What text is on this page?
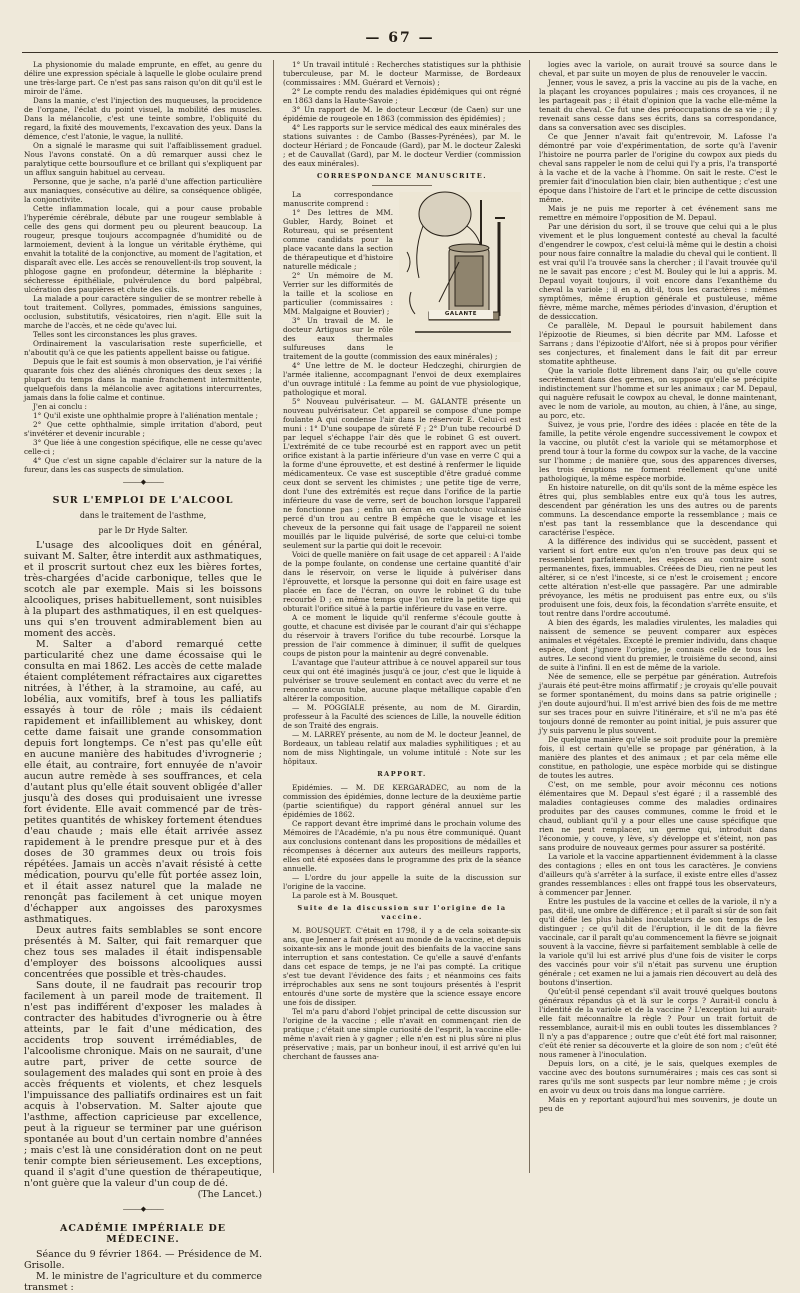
— 67 —

La physionomie du malade emprunte, en effet, au genre du délire une expression spéciale à laquelle le globe oculaire prend une très-large part. Ce n'est pas sans raison qu'on dit qu'il est le miroir de l'âme.

Dans la manie, c'est l'injection des muqueuses, la procidence de l'organe, l'éclat du point visuel, la mobilité des muscles. Dans la mélancolie, c'est une teinte sombre, l'obliquité du regard, la fixité des mouvements, l'excavation des yeux. Dans la démence, c'est l'atonie, le vague, la nullité.

On a signalé le marasme qui suit l'affaiblissement graduel. Nous l'avons constaté. On a dû remarquer aussi chez le paralytique cette boursouflure et ce brillant qui s'expliquent par un afflux sanguin habituel au cerveau.

Personne, que je sache, n'a parlé d'une affection particulière aux maniaques, consécutive au délire, sa conséquence obligée, la conjonctivite.

Cette inflammation locale, qui a pour cause probable l'hyperémie cérébrale, débute par une rougeur semblable à celle des gens qui dorment peu ou pleurent beaucoup. La rougeur, presque toujours accompagnée d'humidité ou de larmoiement, devient à la longue un véritable érythème, qui envahit la totalité de la conjonctive, au moment de l'agitation, et disparaît avec elle. Les accès se renouvellent-ils trop souvent, la phlogose gagne en profondeur, détermine la blépharite : sécheresse épithéliale, pulvérulence du bord palpébral, ulcération des paupières et chute des cils.

La malade a pour caractère singulier de se montrer rebelle à tout traitement. Collyres, pommades, émissions sanguines, occlusion, substitutifs, vésicatoires, rien n'agit. Elle suit la marche de l'accès, et ne cède qu'avec lui.

Telles sont les circonstances les plus graves.

Ordinairement la vascularisation reste superficielle, et n'aboutit qu'à ce que les patients appellent baisse ou fatigue.

Depuis que le fait est soumis à mon observation, je l'ai vérifié quarante fois chez des aliénés chroniques des deux sexes ; la plupart du temps dans la manie franchement intermittente, quelquefois dans la mélancolie avec agitations intercurrentes, jamais dans la folie calme et continue.

J'en ai conclu :

1° Qu'il existe une ophthalmie propre à l'aliénation mentale ;

2° Que cette ophthalmie, simple irritation d'abord, peut s'invétérer et devenir incurable ;

3° Que liée à une congestion spécifique, elle ne cesse qu'avec celle-ci ;

4° Que c'est un signe capable d'éclairer sur la nature de la fureur, dans les cas suspects de simulation.

———◆———
SUR L'EMPLOI DE L'ALCOOL
dans le traitement de l'asthme,
par le Dr Hyde Salter.

L'usage des alcooliques doit en général, suivant M. Salter, être interdit aux asthmatiques, et il proscrit surtout chez eux les bières fortes, très-chargées d'acide carbonique, telles que le scotch ale par exemple. Mais si les boissons alcooliques, prises habituellement, sont nuisibles à la plupart des asthmatiques, il en est quelques-uns qui s'en trouvent admirablement bien au moment des accès.

M. Salter a d'abord remarqué cette particularité chez une dame écossaise qui le consulta en mai 1862. Les accès de cette malade étaient complétement réfractaires aux cigarettes nitrées, à l'éther, à la stramoine, au café, au lobélia, aux vomitifs, bref à tous les palliatifs essayés à tour de rôle ; mais ils cédaient rapidement et infailliblement au whiskey, dont cette dame faisait une grande consommation depuis fort longtemps. Ce n'est pas qu'elle eût en aucune manière des habitudes d'ivrognerie ; elle était, au contraire, fort ennuyée de n'avoir aucun autre remède à ses souffrances, et cela d'autant plus qu'elle était souvent obligée d'aller jusqu'à des doses qui produisaient une ivresse fort évidente. Elle avait commencé par de très-petites quantités de whiskey fortement étendues d'eau chaude ; mais elle était arrivée assez rapidement à le prendre presque pur et à des doses de 30 grammes deux ou trois fois répétées. Jamais un accès n'avait résisté à cette médication, pourvu qu'elle fût portée assez loin, et il était assez naturel que la malade ne renonçât pas facilement à cet unique moyen d'échapper aux angoisses des paroxysmes asthmatiques.

Deux autres faits semblables se sont encore présentés à M. Salter, qui fait remarquer que chez tous ses malades il était indispensable d'employer des boissons alcooliques aussi concentrées que possible et très-chaudes.

Sans doute, il ne faudrait pas recourir trop facilement à un pareil mode de traitement. Il n'est pas indifférent d'exposer les malades à contracter des habitudes d'ivrognerie ou à être atteints, par le fait d'une médication, des accidents trop souvent irrémédiables, de l'alcoolisme chronique. Mais on ne saurait, d'une autre part, priver de cette source de soulagement des malades qui sont en proie à des accès fréquents et violents, et chez lesquels l'impuissance des palliatifs ordinaires est un fait acquis à l'observation. M. Salter ajoute que l'asthme, affection capricieuse par excellence, peut à la rigueur se terminer par une guérison spontanée au bout d'un certain nombre d'années ; mais c'est là une considération dont on ne peut tenir compte bien sérieusement. Les exceptions, quand il s'agit d'une question de thérapeutique, n'ont guère que la valeur d'un coup de dé.

(The Lancet.)

———◆———
ACADÉMIE IMPÉRIALE DE MÉDECINE.

Séance du 9 février 1864. — Présidence de M. Grisolle.

M. le ministre de l'agriculture et du commerce transmet :

1° Un travail intitulé : Recherches statistiques sur la phthisie tuberculeuse, par M. le docteur Marmisse, de Bordeaux (commissaires : MM. Guérard et Vernois) ;

2° Le compte rendu des maladies épidémiques qui ont régné en 1863 dans la Haute-Savoie ;

3° Un rapport de M. le docteur Lecœur (de Caen) sur une épidémie de rougeole en 1863 (commission des épidémies) ;

4° Les rapports sur le service médical des eaux minérales des stations suivantes : de Cambo (Basses-Pyrénées), par M. le docteur Hériard ; de Foncaude (Gard), par M. le docteur Zaleski ; et de Cauvallat (Gard), par M. le docteur Verdier (commission des eaux minérales).

CORRESPONDANCE MANUSCRITE.
GALANTE

La correspondance manuscrite comprend :

1° Des lettres de MM. Gubler, Hardy, Boinet et Rotureau, qui se présentent comme candidats pour la place vacante dans la section de thérapeutique et d'histoire naturelle médicale ;

2° Un mémoire de M. Verrier sur les difformités de la taille et la scoliose en particulier (commissaires : MM. Malgaigne et Bouvier) ;

3° Un travail de M. le docteur Artiguos sur le rôle des eaux thermales sulfureuses dans le traitement de la goutte (commission des eaux minérales) ;

4° Une lettre de M. le docteur Hedczeghi, chirurgien de l'armée italienne, accompagnant l'envoi de deux exemplaires d'un ouvrage intitulé : La femme au point de vue physiologique, pathologique et moral.

5° Nouveau pulvérisateur. — M. GALANTE présente un nouveau pulvérisateur. Cet appareil se compose d'une pompe foulante A qui condense l'air dans le réservoir E. Celui-ci est muni : 1° D'une soupape de sûreté F ; 2° D'un tube recourbé D par lequel s'échappe l'air dès que le robinet G est ouvert. L'extrémité de ce tube recourbé est en rapport avec un petit orifice existant à la partie inférieure d'un vase en verre C qui a la forme d'une éprouvette, et est destiné à renfermer le liquide médicamenteux. Ce vase est susceptible d'être gradué comme ceux dont se servent les chimistes ; une petite tige de verre, dont l'une des extrémités est reçue dans l'orifice de la partie inférieure du vase de verre, sert de bouchon lorsque l'appareil ne fonctionne pas ; enfin un écran en caoutchouc vulcanisé percé d'un trou au centre B empêche que le visage et les cheveux de la personne qui fait usage de l'appareil ne soient mouillés par le liquide pulvérisé, de sorte que celui-ci tombe seulement sur la partie qui doit le recevoir.

Voici de quelle manière on fait usage de cet appareil : A l'aide de la pompe foulante, on condense une certaine quantité d'air dans le réservoir, on verse le liquide à pulvériser dans l'éprouvette, et lorsque la personne qui doit en faire usage est placée en face de l'écran, on ouvre le robinet G du tube recourbé D ; en même temps que l'on retire la petite tige qui obturait l'orifice situé à la partie inférieure du vase en verre.

A ce moment le liquide qu'il renferme s'écoule goutte à goutte, et chacune est divisée par le courant d'air qui s'échappe du réservoir à travers l'orifice du tube recourbé. Lorsque la pression de l'air commence à diminuer, il suffit de quelques coups de piston pour la maintenir au degré convenable.

L'avantage que l'auteur attribue à ce nouvel appareil sur tous ceux qui ont été imaginés jusqu'à ce jour, c'est que le liquide à pulvériser se trouve seulement en contact avec du verre et ne rencontre aucun tube, aucune plaque métallique capable d'en altérer la composition.

— M. POGGIALE présente, au nom de M. Girardin, professeur à la Faculté des sciences de Lille, la nouvelle édition de son Traité des engrais.

— M. LARREY présente, au nom de M. le docteur Jeannel, de Bordeaux, un tableau relatif aux maladies syphilitiques ; et au nom de miss Nightingale, un volume intitulé : Note sur les hôpitaux.

RAPPORT.

Epidémies. — M. DE KERGARADEC, au nom de la commission des épidémies, donne lecture de la deuxième partie (partie scientifique) du rapport général annuel sur les épidémies de 1862.

Ce rapport devant être imprimé dans le prochain volume des Mémoires de l'Académie, n'a pu nous être communiqué. Quant aux conclusions contenant dans les propositions de médailles et récompenses à décerner aux auteurs des meilleurs rapports, elles ont été exposées dans le programme des prix de la séance annuelle.

— L'ordre du jour appelle la suite de la discussion sur l'origine de la vaccine.

La parole est à M. Bousquet.

Suite de la discussion sur l'origine de la vaccine.

M. BOUSQUET. C'était en 1798, il y a de cela soixante-six ans, que Jenner a fait présent au monde de la vaccine, et depuis soixante-six ans le monde jouit des bienfaits de la vaccine sans interruption et sans contestation. Ce qu'elle a sauvé d'enfants dans cet espace de temps, je ne l'ai pas compté. La critique s'est tue devant l'évidence des faits ; et néanmoins ces faits irréprochables aux sens ne sont toujours présentés à l'esprit entourés d'une sorte de mystère que la science essaye encore une fois de dissiper.

Tel m'a paru d'abord l'objet principal de cette discussion sur l'origine de la vaccine ; elle n'avait en commençant rien de pratique ; c'était une simple curiosité de l'esprit, la vaccine elle-même n'avait rien à y gagner ; elle n'en est ni plus sûre ni plus préservative ; mais, par un bonheur inouï, il est arrivé qu'en lui cherchant de fausses ana-

logies avec la variole, on aurait trouvé sa source dans le cheval, et par suite un moyen de plus de renouveler le vaccin.

Jenner, vous le savez, a pris la vaccine au pis de la vache, en la plaçant les croyances populaires ; mais ces croyances, il ne les partageait pas ; il était d'opinion que la vache elle-même la tenait du cheval. Ce fut une des préoccupations de sa vie ; il y revenait sans cesse dans ses écrits, dans sa correspondance, dans sa conversation avec ses disciples.

Ce que Jenner n'avait fait qu'entrevoir, M. Lafosse l'a démontré par voie d'expérimentation, de sorte qu'à l'avenir l'histoire ne pourra parler de l'origine du cowpox aux pieds du cheval sans rappeler le nom de celui qui l'y a pris, l'a transporté à la vache et de la vache à l'homme. On sait le reste. C'est le premier fait d'inoculation bien clair, bien authentique ; c'est une époque dans l'histoire de l'art et le principe de cette discussion même.

Mais je ne puis me reporter à cet événement sans me remettre en mémoire l'opposition de M. Depaul.

Par une dérision du sort, il se trouve que celui qui a le plus vivement et le plus longuement contesté au cheval la faculté d'engendrer le cowpox, c'est celui-là même qui le destin a choisi pour nous faire connaître la maladie du cheval qui le contient. Il est vrai qu'il l'a trouvée sans la chercher ; il l'avait trouvée qu'il ne le savait pas encore ; c'est M. Bouley qui le lui a appris. M. Depaul voyait toujours, il voit encore dans l'exanthème du cheval la variole ; il en a, dit-il, tous les caractères : mêmes symptômes, même éruption générale et pustuleuse, même fièvre, même marche, mêmes périodes d'invasion, d'éruption et de dessiccation.

Ce parallèle, M. Depaul le poursuit habilement dans l'épizootie de Rieumes, si bien décrite par MM. Lafosse et Sarrans ; dans l'épizootie d'Alfort, née si à propos pour vérifier ses conjectures, et finalement dans le fait dit par erreur stomatite aphtheuse.

Que la variole flotte librement dans l'air, ou qu'elle couve secrètement dans des germes, on suppose qu'elle se précipite indistinctement sur l'homme et sur les animaux ; car M. Depaul, qui naguère refusait le cowpox au cheval, le donne maintenant, avec le nom de variole, au mouton, au chien, à l'âne, au singe, au porc, etc.

Suivez, je vous prie, l'ordre des idées : placée en tête de la famille, la petite vérole engendre successivement le cowpox et la vaccine, ou plutôt c'est la variole qui se métamorphose et prend tour à tour la forme du cowpox sur la vache, de la vaccine sur l'homme ; de manière que, sous des apparences diverses, les trois éruptions ne forment réellement qu'une unité pathologique, la même espèce morbide.

En histoire naturelle, on dit qu'ils sont de la même espèce les êtres qui, plus semblables entre eux qu'à tous les autres, descendent par génération les uns des autres ou de parents communs. La descendance emporte la ressemblance ; mais ce n'est pas tant la ressemblance que la descendance qui caractérise l'espèce.

A la différence des individus qui se succèdent, passent et varient si fort entre eux qu'on n'en trouve pas deux qui se ressemblent parfaitement, les espèces au contraire sont permanentes, fixes, immuables. Créées de Dieu, rien ne peut les altérer, si ce n'est l'inceste, si ce n'est le croisement ; encore cette altération n'est-elle que passagère. Par une admirable prévoyance, les métis ne produisent pas entre eux, ou s'ils produisent une fois, deux fois, la fécondation s'arrête ensuite, et tout rentre dans l'ordre accoutumé.

A bien des égards, les maladies virulentes, les maladies qui naissent de semence se peuvent comparer aux espèces animales et végétales. Excepté le premier individu, dans chaque espèce, dont j'ignore l'origine, je connais celle de tous les autres. Le second vient du premier, le troisième du second, ainsi de suite à l'infini. Il en est de même de la variole.

Née de semence, elle se perpétue par génération. Autrefois j'aurais été peut-être moins affirmatif ; je croyais qu'elle pouvait se former spontanément, du moins dans sa patrie originelle ; j'en doute aujourd'hui. Il m'est arrivé bien des fois de me mettre sur ses traces pour en suivre l'itinéraire, et s'il ne m'a pas été toujours donné de remonter au point initial, je puis assurer que j'y suis parvenu le plus souvent.

De quelque manière qu'elle se soit produite pour la première fois, il est certain qu'elle se propage par génération, à la manière des plantes et des animaux ; et par cela même elle constitue, en pathologie, une espèce morbide qui se distingue de toutes les autres.

C'est, on me semble, pour avoir méconnu ces notions élémentaires que M. Depaul s'est égaré ; il a rassemblé des maladies contagieuses comme des maladies ordinaires produites par des causes communes, comme le froid et le chaud, oubliant qu'il y a pour elles une cause spécifique que rien ne peut remplacer, un germe qui, introduit dans l'économie, y couve, y lève, s'y développe et s'éteint, non pas sans produire de nouveaux germes pour assurer sa postérité.

La variole et la vaccine appartiennent évidemment à la classe des contagions ; elles en ont tous les caractères. Je conviens d'ailleurs qu'à s'arrêter à la surface, il existe entre elles d'assez grandes ressemblances : elles ont frappé tous les observateurs, à commencer par Jenner.

Entre les pustules de la vaccine et celles de la variole, il n'y a pas, dit-il, une ombre de différence ; et il paraît si sûr de son fait qu'il défie les plus habiles inoculateurs de son temps de les distinguer ; ce qu'il dit de l'éruption, il le dit de la fièvre vaccinale, car il paraît qu'au commencement la fièvre se joignait souvent à la vaccine, fièvre si parfaitement semblable à celle de la variole qu'il lui est arrivé plus d'une fois de visiter le corps des vaccinés pour voir s'il n'était pas survenu une éruption générale ; cet examen ne lui a jamais rien découvert au delà des boutons d'insertion.

Qu'eût-il pensé cependant s'il avait trouvé quelques boutons généraux répandus çà et là sur le corps ? Aurait-il conclu à l'identité de la variole et de la vaccine ? L'exception lui aurait-elle fait méconnaître la règle ? Pour un trait fortuit de ressemblance, aurait-il mis en oubli toutes les dissemblances ? Il n'y a pas d'apparence ; outre que c'eût été fort mal raisonner, c'eût été renier sa découverte et la gloire de son nom ; c'eût été nous ramener à l'inoculation.

Depuis lors, on a cité, je le sais, quelques exemples de vaccine avec des boutons surnuméraires ; mais ces cas sont si rares qu'ils me sont suspects par leur nombre même ; je crois en avoir vu deux ou trois dans ma longue carrière.

Mais en y reportant aujourd'hui mes souvenirs, je doute un peu de
